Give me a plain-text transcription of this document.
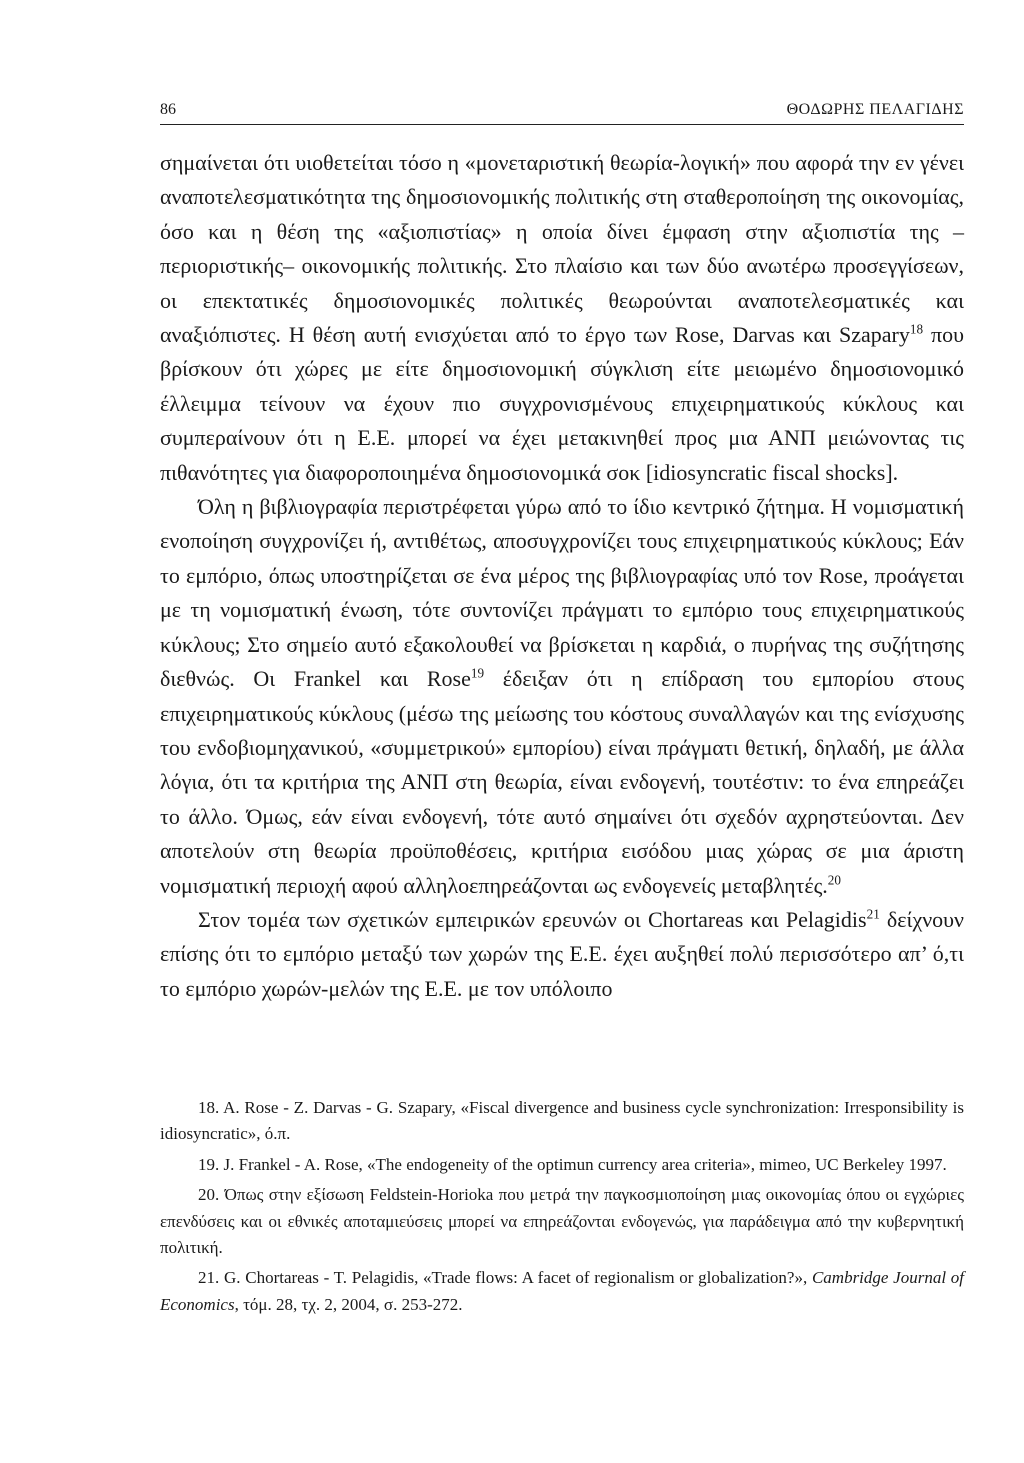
86	ΘΟΔΩΡΗΣ ΠΕΛΑΓΙΔΗΣ

σημαίνεται ότι υιοθετείται τόσο η «μονεταριστική θεωρία-λογική» που αφορά την εν γένει αναποτελεσματικότητα της δημοσιονομικής πολιτικής στη σταθεροποίηση της οικονομίας, όσο και η θέση της «αξιοπιστίας» η οποία δίνει έμφαση στην αξιοπιστία της –περιοριστικής– οικονομικής πολιτικής. Στο πλαίσιο και των δύο ανωτέρω προσεγγίσεων, οι επεκτατικές δημοσιονομικές πολιτικές θεωρούνται αναποτελεσματικές και αναξιόπιστες. Η θέση αυτή ενισχύεται από το έργο των Rose, Darvas και Szapary$^{18}$ που βρίσκουν ότι χώρες με είτε δημοσιονομική σύγκλιση είτε μειωμένο δημοσιονομικό έλλειμμα τείνουν να έχουν πιο συγχρονισμένους επιχειρηματικούς κύκλους και συμπεραίνουν ότι η Ε.Ε. μπορεί να έχει μετακινηθεί προς μια ΑΝΠ μειώνοντας τις πιθανότητες για διαφοροποιημένα δημοσιονομικά σοκ [idiosyncratic fiscal shocks].

Όλη η βιβλιογραφία περιστρέφεται γύρω από το ίδιο κεντρικό ζήτημα. Η νομισματική ενοποίηση συγχρονίζει ή, αντιθέτως, αποσυγχρονίζει τους επιχειρηματικούς κύκλους; Εάν το εμπόριο, όπως υποστηρίζεται σε ένα μέρος της βιβλιογραφίας υπό τον Rose, προάγεται με τη νομισματική ένωση, τότε συντονίζει πράγματι το εμπόριο τους επιχειρηματικούς κύκλους; Στο σημείο αυτό εξακολουθεί να βρίσκεται η καρδιά, ο πυρήνας της συζήτησης διεθνώς. Οι Frankel και Rose$^{19}$ έδειξαν ότι η επίδραση του εμπορίου στους επιχειρηματικούς κύκλους (μέσω της μείωσης του κόστους συναλλαγών και της ενίσχυσης του ενδοβιομηχανικού, «συμμετρικού» εμπορίου) είναι πράγματι θετική, δηλαδή, με άλλα λόγια, ότι τα κριτήρια της ΑΝΠ στη θεωρία, είναι ενδογενή, τουτέστιν: το ένα επηρεάζει το άλλο. Όμως, εάν είναι ενδογενή, τότε αυτό σημαίνει ότι σχεδόν αχρηστεύονται. Δεν αποτελούν στη θεωρία προϋποθέσεις, κριτήρια εισόδου μιας χώρας σε μια άριστη νομισματική περιοχή αφού αλληλοεπηρεάζονται ως ενδογενείς μεταβλητές.$^{20}$

Στον τομέα των σχετικών εμπειρικών ερευνών οι Chortareas και Pelagidis$^{21}$ δείχνουν επίσης ότι το εμπόριο μεταξύ των χωρών της Ε.Ε. έχει αυξηθεί πολύ περισσότερο απ’ ό,τι το εμπόριο χωρών-μελών της Ε.Ε. με τον υπόλοιπο

18. A. Rose - Z. Darvas - G. Szapary, «Fiscal divergence and business cycle synchronization: Irresponsibility is idiosyncratic», ό.π.

19. J. Frankel - A. Rose, «The endogeneity of the optimun currency area criteria», mimeo, UC Berkeley 1997.

20. Όπως στην εξίσωση Feldstein-Horioka που μετρά την παγκοσμιοποίηση μιας οικονομίας όπου οι εγχώριες επενδύσεις και οι εθνικές αποταμιεύσεις μπορεί να επηρεάζονται ενδογενώς, για παράδειγμα από την κυβερνητική πολιτική.

21. G. Chortareas - T. Pelagidis, «Trade flows: A facet of regionalism or globalization?», Cambridge Journal of Economics, τόμ. 28, τχ. 2, 2004, σ. 253-272.
